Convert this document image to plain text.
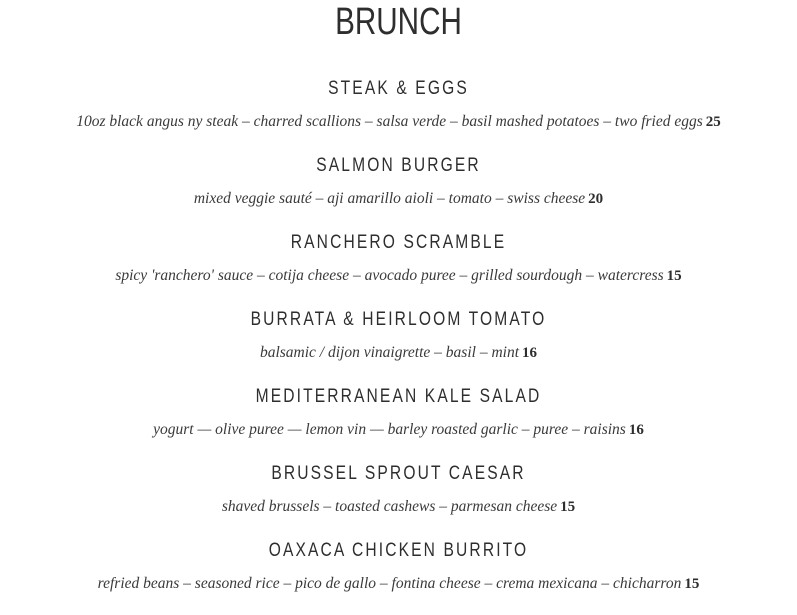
BRUNCH
STEAK & EGGS
10oz black angus ny steak – charred scallions – salsa verde – basil mashed potatoes – two fried eggs 25
SALMON BURGER
mixed veggie sauté – aji amarillo aioli – tomato – swiss cheese 20
RANCHERO SCRAMBLE
spicy 'ranchero' sauce – cotija cheese – avocado puree – grilled sourdough – watercress 15
BURRATA & HEIRLOOM TOMATO
balsamic / dijon vinaigrette – basil – mint 16
MEDITERRANEAN KALE SALAD
yogurt — olive puree — lemon vin — barley roasted garlic – puree – raisins 16
BRUSSEL SPROUT CAESAR
shaved brussels – toasted cashews – parmesan cheese 15
OAXACA CHICKEN BURRITO
refried beans – seasoned rice – pico de gallo – fontina cheese – crema mexicana – chicharron 15
